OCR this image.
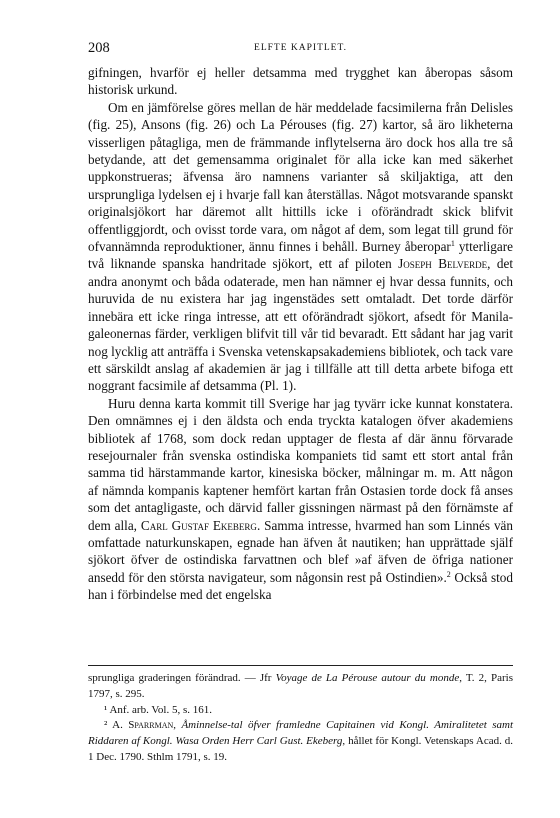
208	ELFTE KAPITLET.

gifningen, hvarför ej heller detsamma med trygghet kan åberopas såsom historisk urkund.

Om en jämförelse göres mellan de här meddelade facsimilerna från Delisles (fig. 25), Ansons (fig. 26) och La Pérouses (fig. 27) kartor, så äro likheterna visserligen påtagliga, men de främmande inflytelserna äro dock hos alla tre så betydande, att det gemensamma originalet för alla icke kan med säkerhet uppkonstrueras; äfvensa äro namnens varianter så skiljaktiga, att den ursprungliga lydelsen ej i hvarje fall kan återställas. Något motsvarande spanskt originalsjökort har däremot allt hittills icke i oförändradt skick blifvit offentliggjordt, och ovisst torde vara, om något af dem, som legat till grund för ofvannämnda reproduktioner, ännu finnes i behåll. Burney åberopar$^1$ ytterligare två liknande spanska handritade sjökort, ett af piloten Joseph Belverde, det andra anonymt och båda odaterade, men han nämner ej hvar dessa funnits, och huruvida de nu existera har jag ingenstädes sett omtaladt. Det torde därför innebära ett icke ringa intresse, att ett oförändradt sjökort, afsedt för Manila-galeonernas färder, verkligen blifvit till vår tid bevaradt. Ett sådant har jag varit nog lycklig att anträffa i Svenska vetenskapsakademiens bibliotek, och tack vare ett särskildt anslag af akademien är jag i tillfälle att till detta arbete bifoga ett noggrant facsimile af detsamma (Pl. 1).

Huru denna karta kommit till Sverige har jag tyvärr icke kunnat konstatera. Den omnämnes ej i den äldsta och enda tryckta katalogen öfver akademiens bibliotek af 1768, som dock redan upptager de flesta af där ännu förvarade resejournaler från svenska ostindiska kompaniets tid samt ett stort antal från samma tid härstammande kartor, kinesiska böcker, målningar m. m. Att någon af nämnda kompanis kaptener hemfört kartan från Ostasien torde dock få anses som det antagligaste, och därvid faller gissningen närmast på den förnämste af dem alla, Carl Gustaf Ekeberg. Samma intresse, hvarmed han som Linnés vän omfattade naturkunskapen, egnade han äfven åt nautiken; han upprättade själf sjökort öfver de ostindiska farvattnen och blef »af äfven de öfriga nationer ansedd för den största navigateur, som någonsin rest på Ostindien».$^2$ Också stod han i förbindelse med det engelska

sprungliga graderingen förändrad. — Jfr Voyage de La Pérouse autour du monde, T. 2, Paris 1797, s. 295.

¹ Anf. arb. Vol. 5, s. 161.

² A. Sparrman, Åminnelse-tal öfver framledne Capitainen vid Kongl. Amiralitetet samt Riddaren af Kongl. Wasa Orden Herr Carl Gust. Ekeberg, hållet för Kongl. Vetenskaps Acad. d. 1 Dec. 1790. Sthlm 1791, s. 19.
